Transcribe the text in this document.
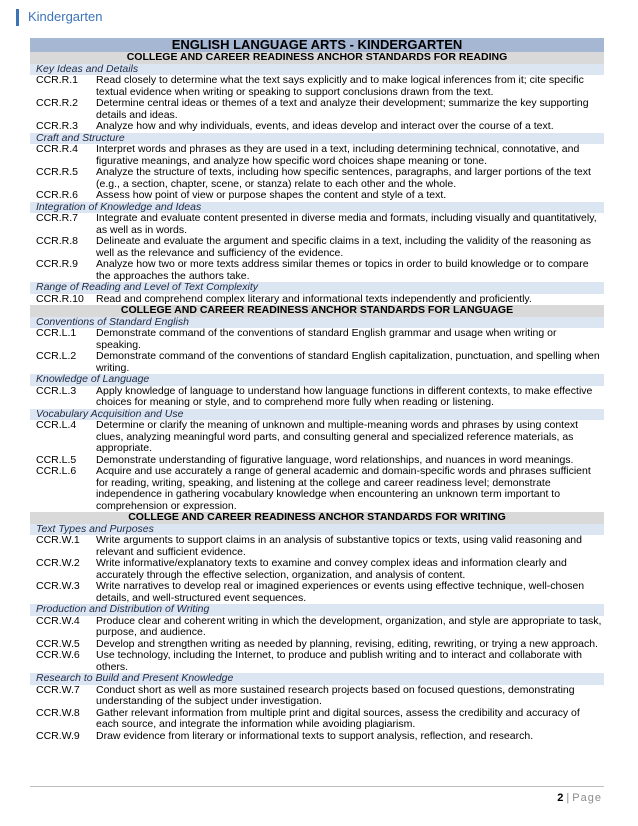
Kindergarten
ENGLISH LANGUAGE ARTS - KINDERGARTEN
COLLEGE AND CAREER READINESS ANCHOR STANDARDS FOR READING
Key Ideas and Details
CCR.R.1	Read closely to determine what the text says explicitly and to make logical inferences from it; cite specific textual evidence when writing or speaking to support conclusions drawn from the text.
CCR.R.2	Determine central ideas or themes of a text and analyze their development; summarize the key supporting details and ideas.
CCR.R.3	Analyze how and why individuals, events, and ideas develop and interact over the course of a text.
Craft and Structure
CCR.R.4	Interpret words and phrases as they are used in a text, including determining technical, connotative, and figurative meanings, and analyze how specific word choices shape meaning or tone.
CCR.R.5	Analyze the structure of texts, including how specific sentences, paragraphs, and larger portions of the text (e.g., a section, chapter, scene, or stanza) relate to each other and the whole.
CCR.R.6	Assess how point of view or purpose shapes the content and style of a text.
Integration of Knowledge and Ideas
CCR.R.7	Integrate and evaluate content presented in diverse media and formats, including visually and quantitatively, as well as in words.
CCR.R.8	Delineate and evaluate the argument and specific claims in a text, including the validity of the reasoning as well as the relevance and sufficiency of the evidence.
CCR.R.9	Analyze how two or more texts address similar themes or topics in order to build knowledge or to compare the approaches the authors take.
Range of Reading and Level of Text Complexity
CCR.R.10	Read and comprehend complex literary and informational texts independently and proficiently.
COLLEGE AND CAREER READINESS ANCHOR STANDARDS FOR LANGUAGE
Conventions of Standard English
CCR.L.1	Demonstrate command of the conventions of standard English grammar and usage when writing or speaking.
CCR.L.2	Demonstrate command of the conventions of standard English capitalization, punctuation, and spelling when writing.
Knowledge of Language
CCR.L.3	Apply knowledge of language to understand how language functions in different contexts, to make effective choices for meaning or style, and to comprehend more fully when reading or listening.
Vocabulary Acquisition and Use
CCR.L.4	Determine or clarify the meaning of unknown and multiple-meaning words and phrases by using context clues, analyzing meaningful word parts, and consulting general and specialized reference materials, as appropriate.
CCR.L.5	Demonstrate understanding of figurative language, word relationships, and nuances in word meanings.
CCR.L.6	Acquire and use accurately a range of general academic and domain-specific words and phrases sufficient for reading, writing, speaking, and listening at the college and career readiness level; demonstrate independence in gathering vocabulary knowledge when encountering an unknown term important to comprehension or expression.
COLLEGE AND CAREER READINESS ANCHOR STANDARDS FOR WRITING
Text Types and Purposes
CCR.W.1	Write arguments to support claims in an analysis of substantive topics or texts, using valid reasoning and relevant and sufficient evidence.
CCR.W.2	Write informative/explanatory texts to examine and convey complex ideas and information clearly and accurately through the effective selection, organization, and analysis of content.
CCR.W.3	Write narratives to develop real or imagined experiences or events using effective technique, well-chosen details, and well-structured event sequences.
Production and Distribution of Writing
CCR.W.4	Produce clear and coherent writing in which the development, organization, and style are appropriate to task, purpose, and audience.
CCR.W.5	Develop and strengthen writing as needed by planning, revising, editing, rewriting, or trying a new approach.
CCR.W.6	Use technology, including the Internet, to produce and publish writing and to interact and collaborate with others.
Research to Build and Present Knowledge
CCR.W.7	Conduct short as well as more sustained research projects based on focused questions, demonstrating understanding of the subject under investigation.
CCR.W.8	Gather relevant information from multiple print and digital sources, assess the credibility and accuracy of each source, and integrate the information while avoiding plagiarism.
CCR.W.9	Draw evidence from literary or informational texts to support analysis, reflection, and research.
2 | Page
